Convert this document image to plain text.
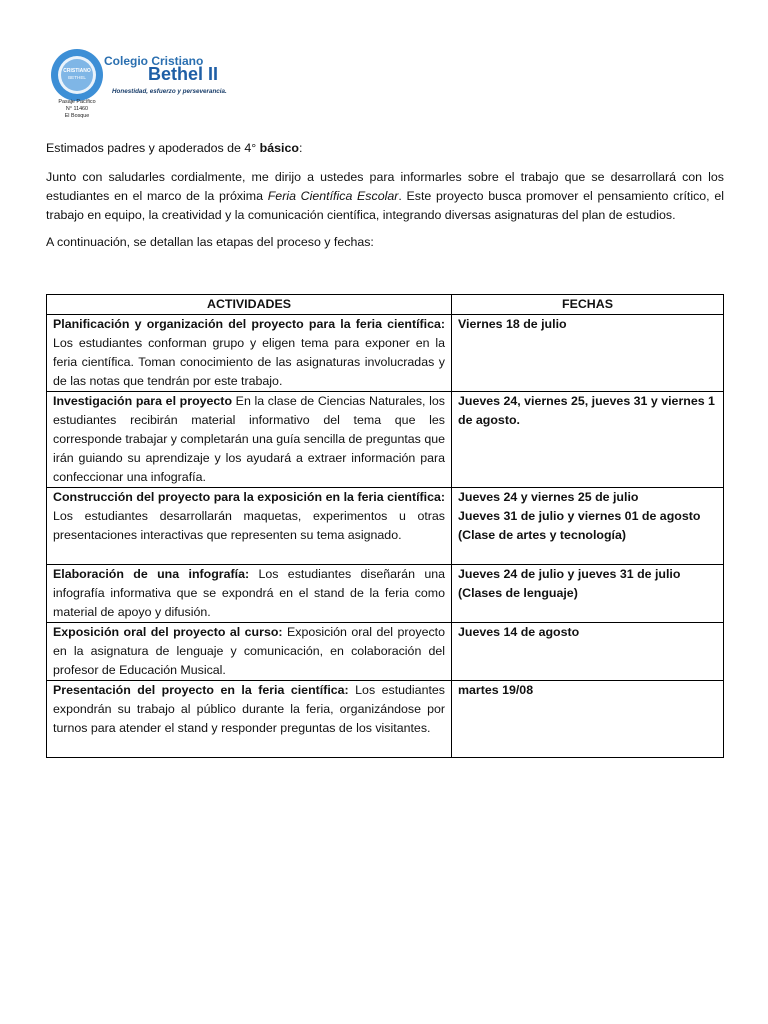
CRISTIANO
BETHEL
Colegio Cristiano
Bethel II
Honestidad, esfuerzo y perseverancia.
Pasaje Pacífico
N° 11460
El Bosque
Estimados padres y apoderados de 4° básico:
Junto con saludarles cordialmente, me dirijo a ustedes para informarles sobre el trabajo que se desarrollará con los estudiantes en el marco de la próxima Feria Científica Escolar. Este proyecto busca promover el pensamiento crítico, el trabajo en equipo, la creatividad y la comunicación científica, integrando diversas asignaturas del plan de estudios.
A continuación, se detallan las etapas del proceso y fechas:
ACTIVIDADES	FECHAS
Planificación y organización del proyecto para la feria científica: Los estudiantes conforman grupo y eligen tema para exponer en la feria científica. Toman conocimiento de las asignaturas involucradas y de las notas que tendrán por este trabajo.	Viernes 18 de julio

Investigación para el proyecto En la clase de Ciencias Naturales, los estudiantes recibirán material informativo del tema que les corresponde trabajar y completarán una guía sencilla de preguntas que irán guiando su aprendizaje y los ayudará a extraer información para confeccionar una infografía.	Jueves 24, viernes 25, jueves 31 y viernes 1 de agosto.

Construcción del proyecto para la exposición en la feria científica: Los estudiantes desarrollarán maquetas, experimentos u otras presentaciones interactivas que representen su tema asignado.	Jueves 24 y viernes 25 de julio
Jueves 31 de julio y viernes 01 de agosto
(Clase de artes y tecnología)

Elaboración de una infografía: Los estudiantes diseñarán una infografía informativa que se expondrá en el stand de la feria como material de apoyo y difusión.	Jueves 24 de julio y jueves 31 de julio
(Clases de lenguaje)

Exposición oral del proyecto al curso: Exposición oral del proyecto en la asignatura de lenguaje y comunicación, en colaboración del profesor de Educación Musical.	Jueves 14 de agosto

Presentación del proyecto en la feria científica: Los estudiantes expondrán su trabajo al público durante la feria, organizándose por turnos para atender el stand y responder preguntas de los visitantes.	martes 19/08
